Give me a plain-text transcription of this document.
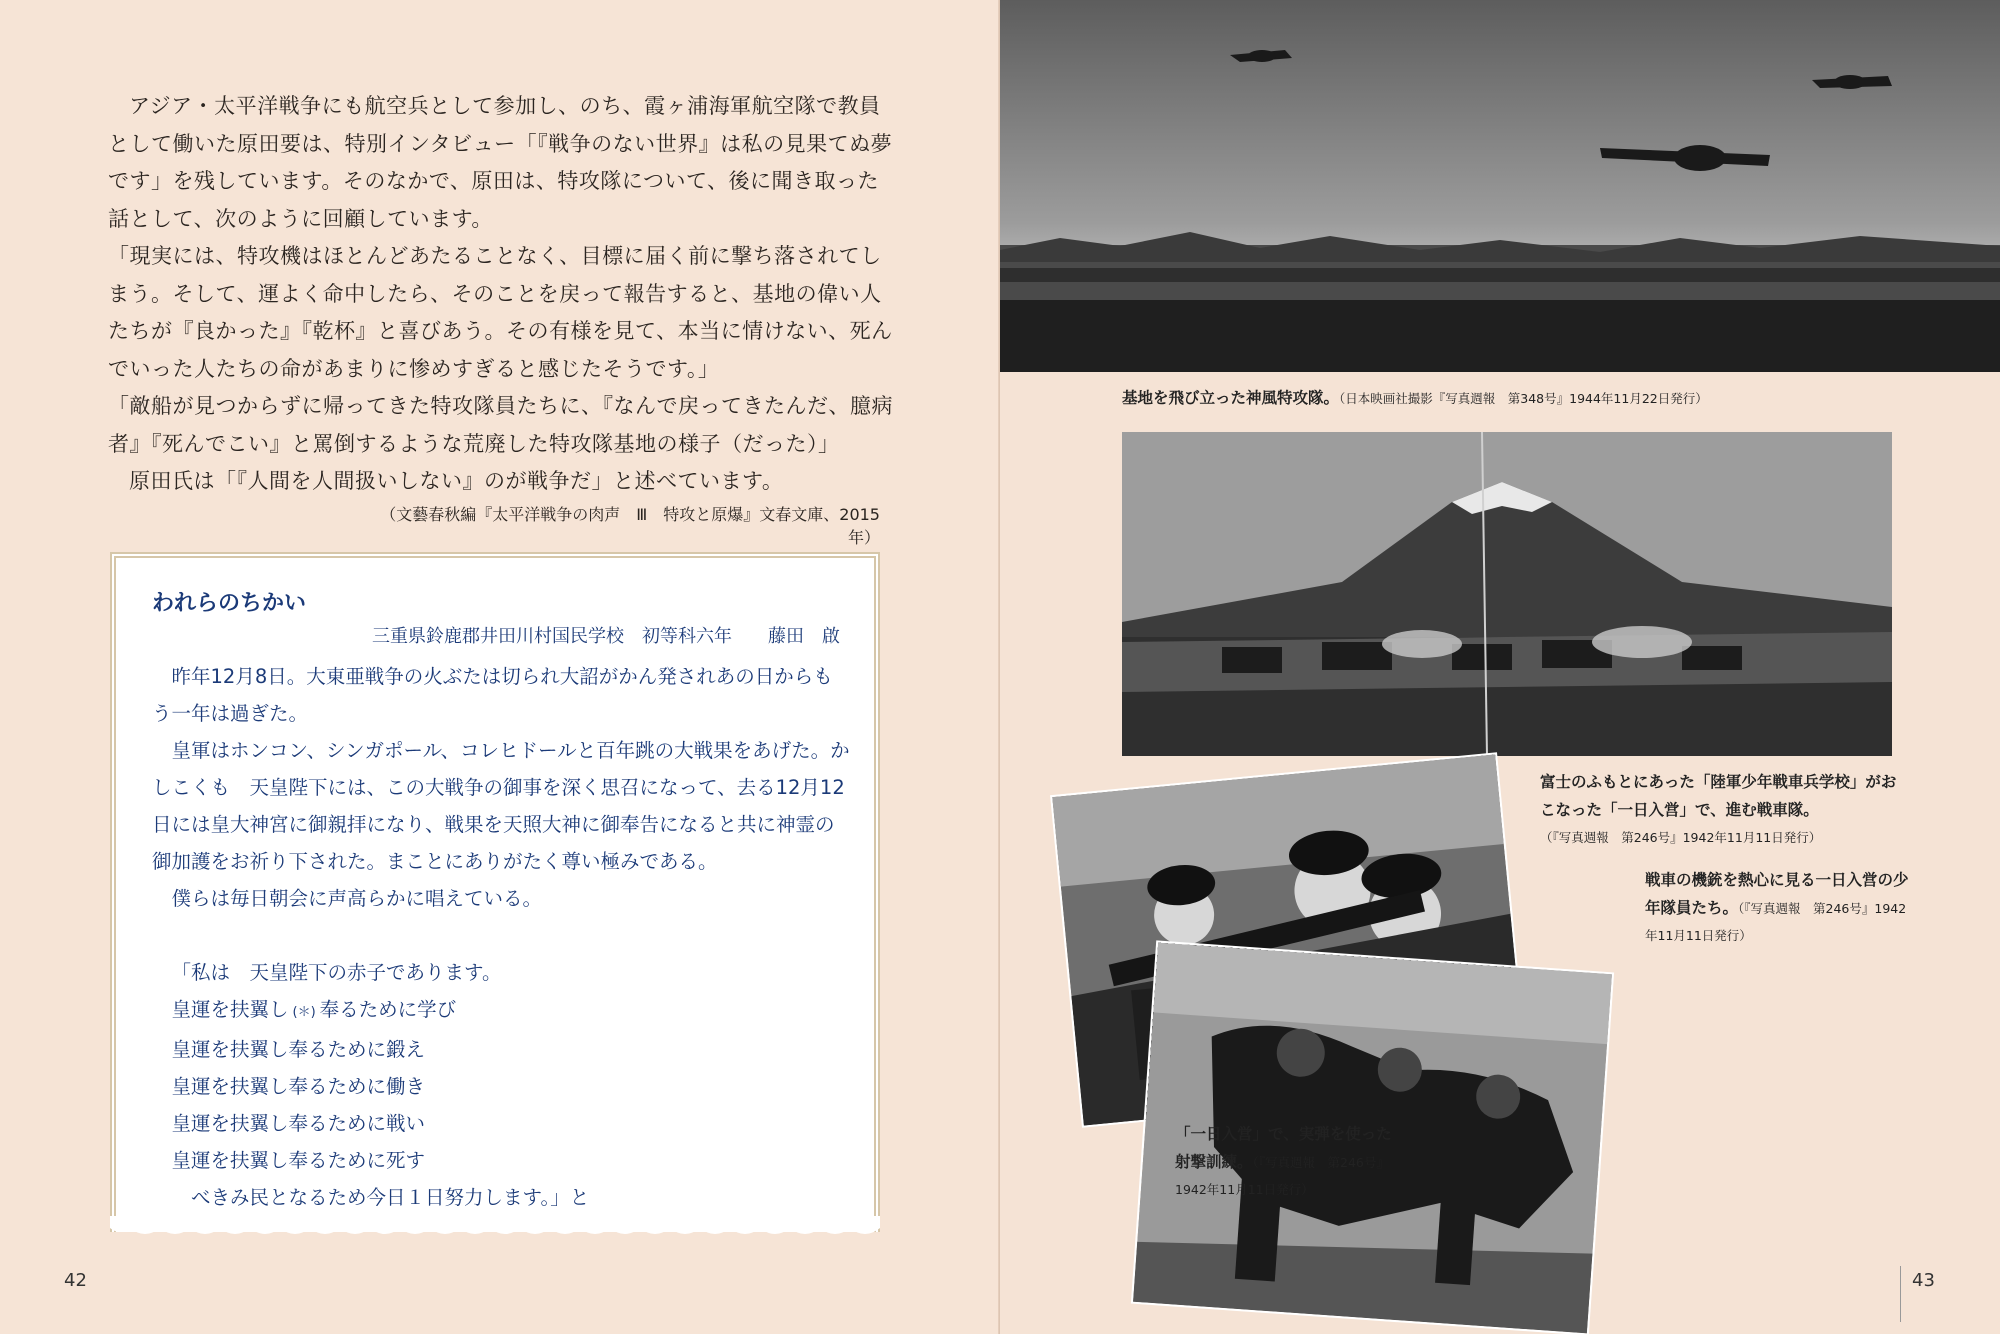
アジア・太平洋戦争にも航空兵として参加し、のち、霞ヶ浦海軍航空隊で教員として働いた原田要は、特別インタビュー「『戦争のない世界』は私の見果てぬ夢です」を残しています。そのなかで、原田は、特攻隊について、後に聞き取った話として、次のように回顧しています。

「現実には、特攻機はほとんどあたることなく、目標に届く前に撃ち落されてしまう。そして、運よく命中したら、そのことを戻って報告すると、基地の偉い人たちが『良かった』『乾杯』と喜びあう。その有様を見て、本当に情けない、死んでいった人たちの命があまりに惨めすぎると感じたそうです。」

「敵船が見つからずに帰ってきた特攻隊員たちに、『なんで戻ってきたんだ、臆病者』『死んでこい』と罵倒するような荒廃した特攻隊基地の様子（だった）」

原田氏は「『人間を人間扱いしない』のが戦争だ」と述べています。

（文藝春秋編『太平洋戦争の肉声　Ⅲ　特攻と原爆』文春文庫、2015年）
われらのちかい
三重県鈴鹿郡井田川村国民学校　初等科六年　　藤田　啟

昨年12月8日。大東亜戦争の火ぶたは切られ大詔がかん発されあの日からもう一年は過ぎた。

皇軍はホンコン、シンガポール、コレヒドールと百年跳の大戦果をあげた。かしこくも　天皇陛下には、この大戦争の御事を深く思召になって、去る12月12日には皇大神宮に御親拝になり、戦果を天照大神に御奉告になると共に神霊の御加護をお祈り下された。まことにありがたく尊い極みである。

僕らは毎日朝会に声高らかに唱えている。

「私は　天皇陛下の赤子であります。

皇運を扶翼し (＊) 奉るために学び

皇運を扶翼し奉るために鍛え

皇運を扶翼し奉るために働き

皇運を扶翼し奉るために戦い

皇運を扶翼し奉るために死す

べきみ民となるため今日１日努力します。」と

42
基地を飛び立った神風特攻隊。（日本映画社撮影『写真週報　第348号』1944年11月22日発行）
富士のふもとにあった「陸軍少年戦車兵学校」がおこなった「一日入営」で、進む戦車隊。
（『写真週報　第246号』1942年11月11日発行）
戦車の機銃を熱心に見る一日入営の少年隊員たち。（『写真週報　第246号』1942年11月11日発行）
「一日入営」で、実弾を使った射撃訓練。（『写真週報　第246号』1942年11月11日発行）
43
